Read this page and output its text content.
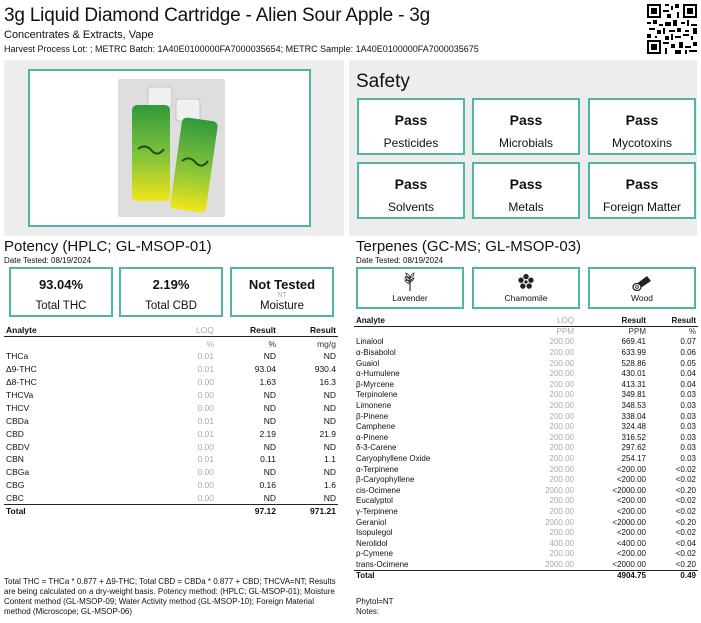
3g Liquid Diamond Cartridge - Alien Sour Apple - 3g
Concentrates & Extracts, Vape
Harvest Process Lot: ; METRC Batch: 1A40E0100000FA7000035654; METRC Sample: 1A40E0100000FA7000035675
Safety
Pass
Pesticides
Pass
Microbials
Pass
Mycotoxins
Pass
Solvents
Pass
Metals
Pass
Foreign Matter
Potency (HPLC; GL-MSOP-01)
Date Tested: 08/19/2024
93.04%
Total THC
2.19%
Total CBD
Not Tested
NT
Moisture
Analyte	LOQ	Result	Result
	%	%	mg/g
THCa	0.01	ND	ND
Δ9-THC	0.01	93.04	930.4
Δ8-THC	0.00	1.63	16.3
THCVa	0.00	ND	ND
THCV	0.00	ND	ND
CBDa	0.01	ND	ND
CBD	0.01	2.19	21.9
CBDV	0.00	ND	ND
CBN	0.01	0.11	1.1
CBGa	0.00	ND	ND
CBG	0.00	0.16	1.6
CBC	0.00	ND	ND
Total		97.12	971.21
Total THC = THCa * 0.877 + Δ9-THC; Total CBD = CBDa * 0.877 + CBD; THCVA=NT; Results are being calculated on a dry-weight basis. Potency method: (HPLC; GL-MSOP-01); Moisture Content method (GL-MSOP-09; Water Activity method (GL-MSOP-10); Foreign Material method (Microscope; GL-MSOP-06)
Terpenes (GC-MS; GL-MSOP-03)
Date Tested: 08/19/2024
Lavender	Chamomile	Wood
Analyte	LOQ	Result	Result
	PPM	PPM	%
Linalool	200.00	669.41	0.07
α-Bisabolol	200.00	633.99	0.06
Guaiol	200.00	528.86	0.05
α-Humulene	200.00	430.01	0.04
β-Myrcene	200.00	413.31	0.04
Terpinolene	200.00	349.81	0.03
Limonene	200.00	348.53	0.03
β-Pinene	200.00	338.04	0.03
Camphene	200.00	324.48	0.03
α-Pinene	200.00	316.52	0.03
δ-3-Carene	200.00	297.62	0.03
Caryophyllene Oxide	200.00	254.17	0.03
α-Terpinene	200.00	<200.00	<0.02
β-Caryophyllene	200.00	<200.00	<0.02
cis-Ocimene	2000.00	<2000.00	<0.20
Eucalyptol	200.00	<200.00	<0.02
γ-Terpinene	200.00	<200.00	<0.02
Geraniol	2000.00	<2000.00	<0.20
Isopulegol	200.00	<200.00	<0.02
Nerolidol	400.00	<400.00	<0.04
p-Cymene	200.00	<200.00	<0.02
trans-Ocimene	2000.00	<2000.00	<0.20
Total		4904.75	0.49
Phytol=NT
Notes:
